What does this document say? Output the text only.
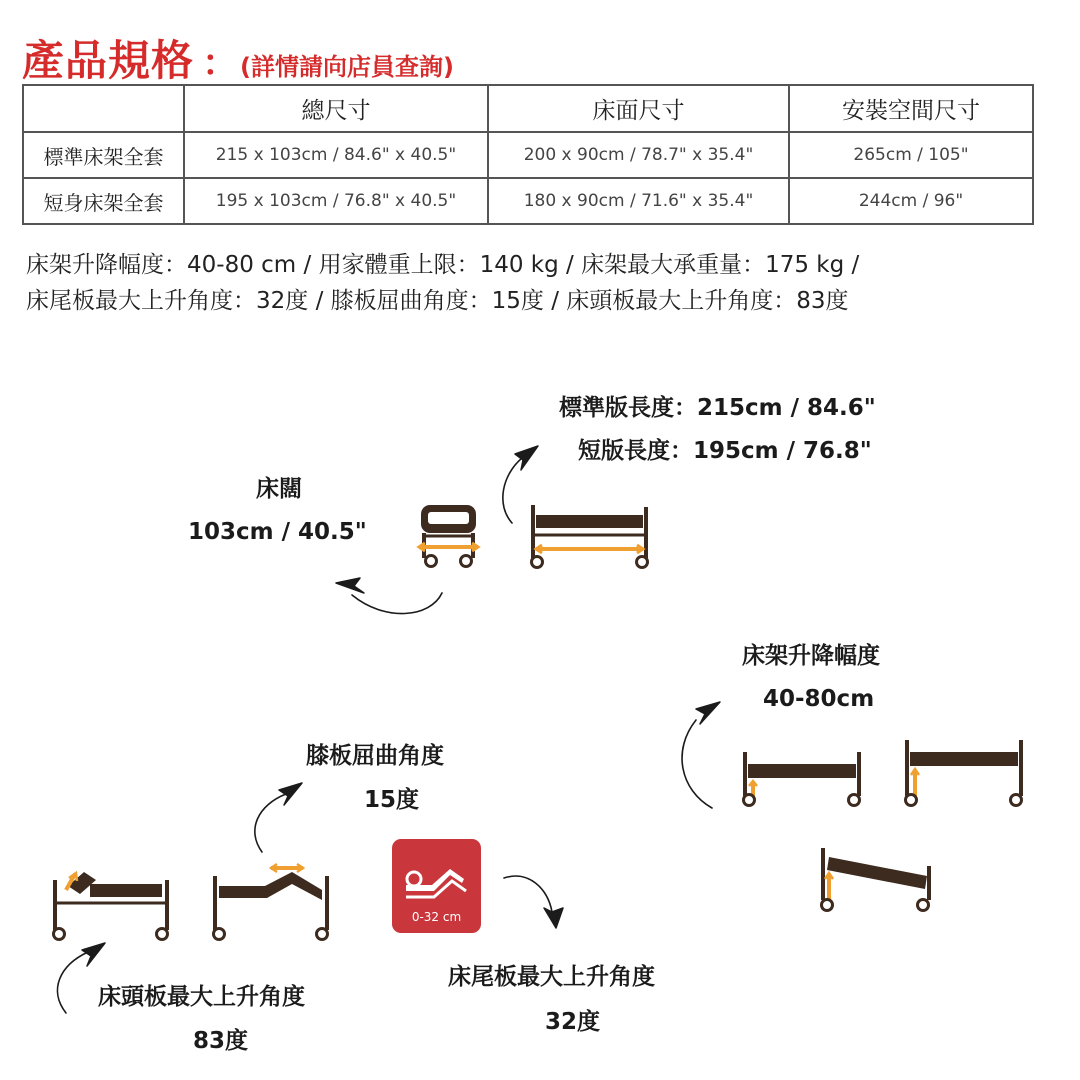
產品規格 ： (詳情請向店員查詢)
	總尺寸	床面尺寸	安裝空間尺寸
標準床架全套	215 x 103cm / 84.6" x 40.5"	200 x 90cm / 78.7" x 35.4"	265cm / 105"
短身床架全套	195 x 103cm / 76.8" x 40.5"	180 x 90cm / 71.6" x 35.4"	244cm / 96"
床架升降幅度：40-80 cm / 用家體重上限：140 kg / 床架最大承重量：175 kg /
床尾板最大上升角度：32度 / 膝板屈曲角度：15度 / 床頭板最大上升角度：83度
標準版長度：215cm / 84.6"
短版長度：195cm / 76.8"
床闊
103cm / 40.5"
床架升降幅度
40-80cm
膝板屈曲角度
15度
床頭板最大上升角度
83度
床尾板最大上升角度
32度
0-32 cm
